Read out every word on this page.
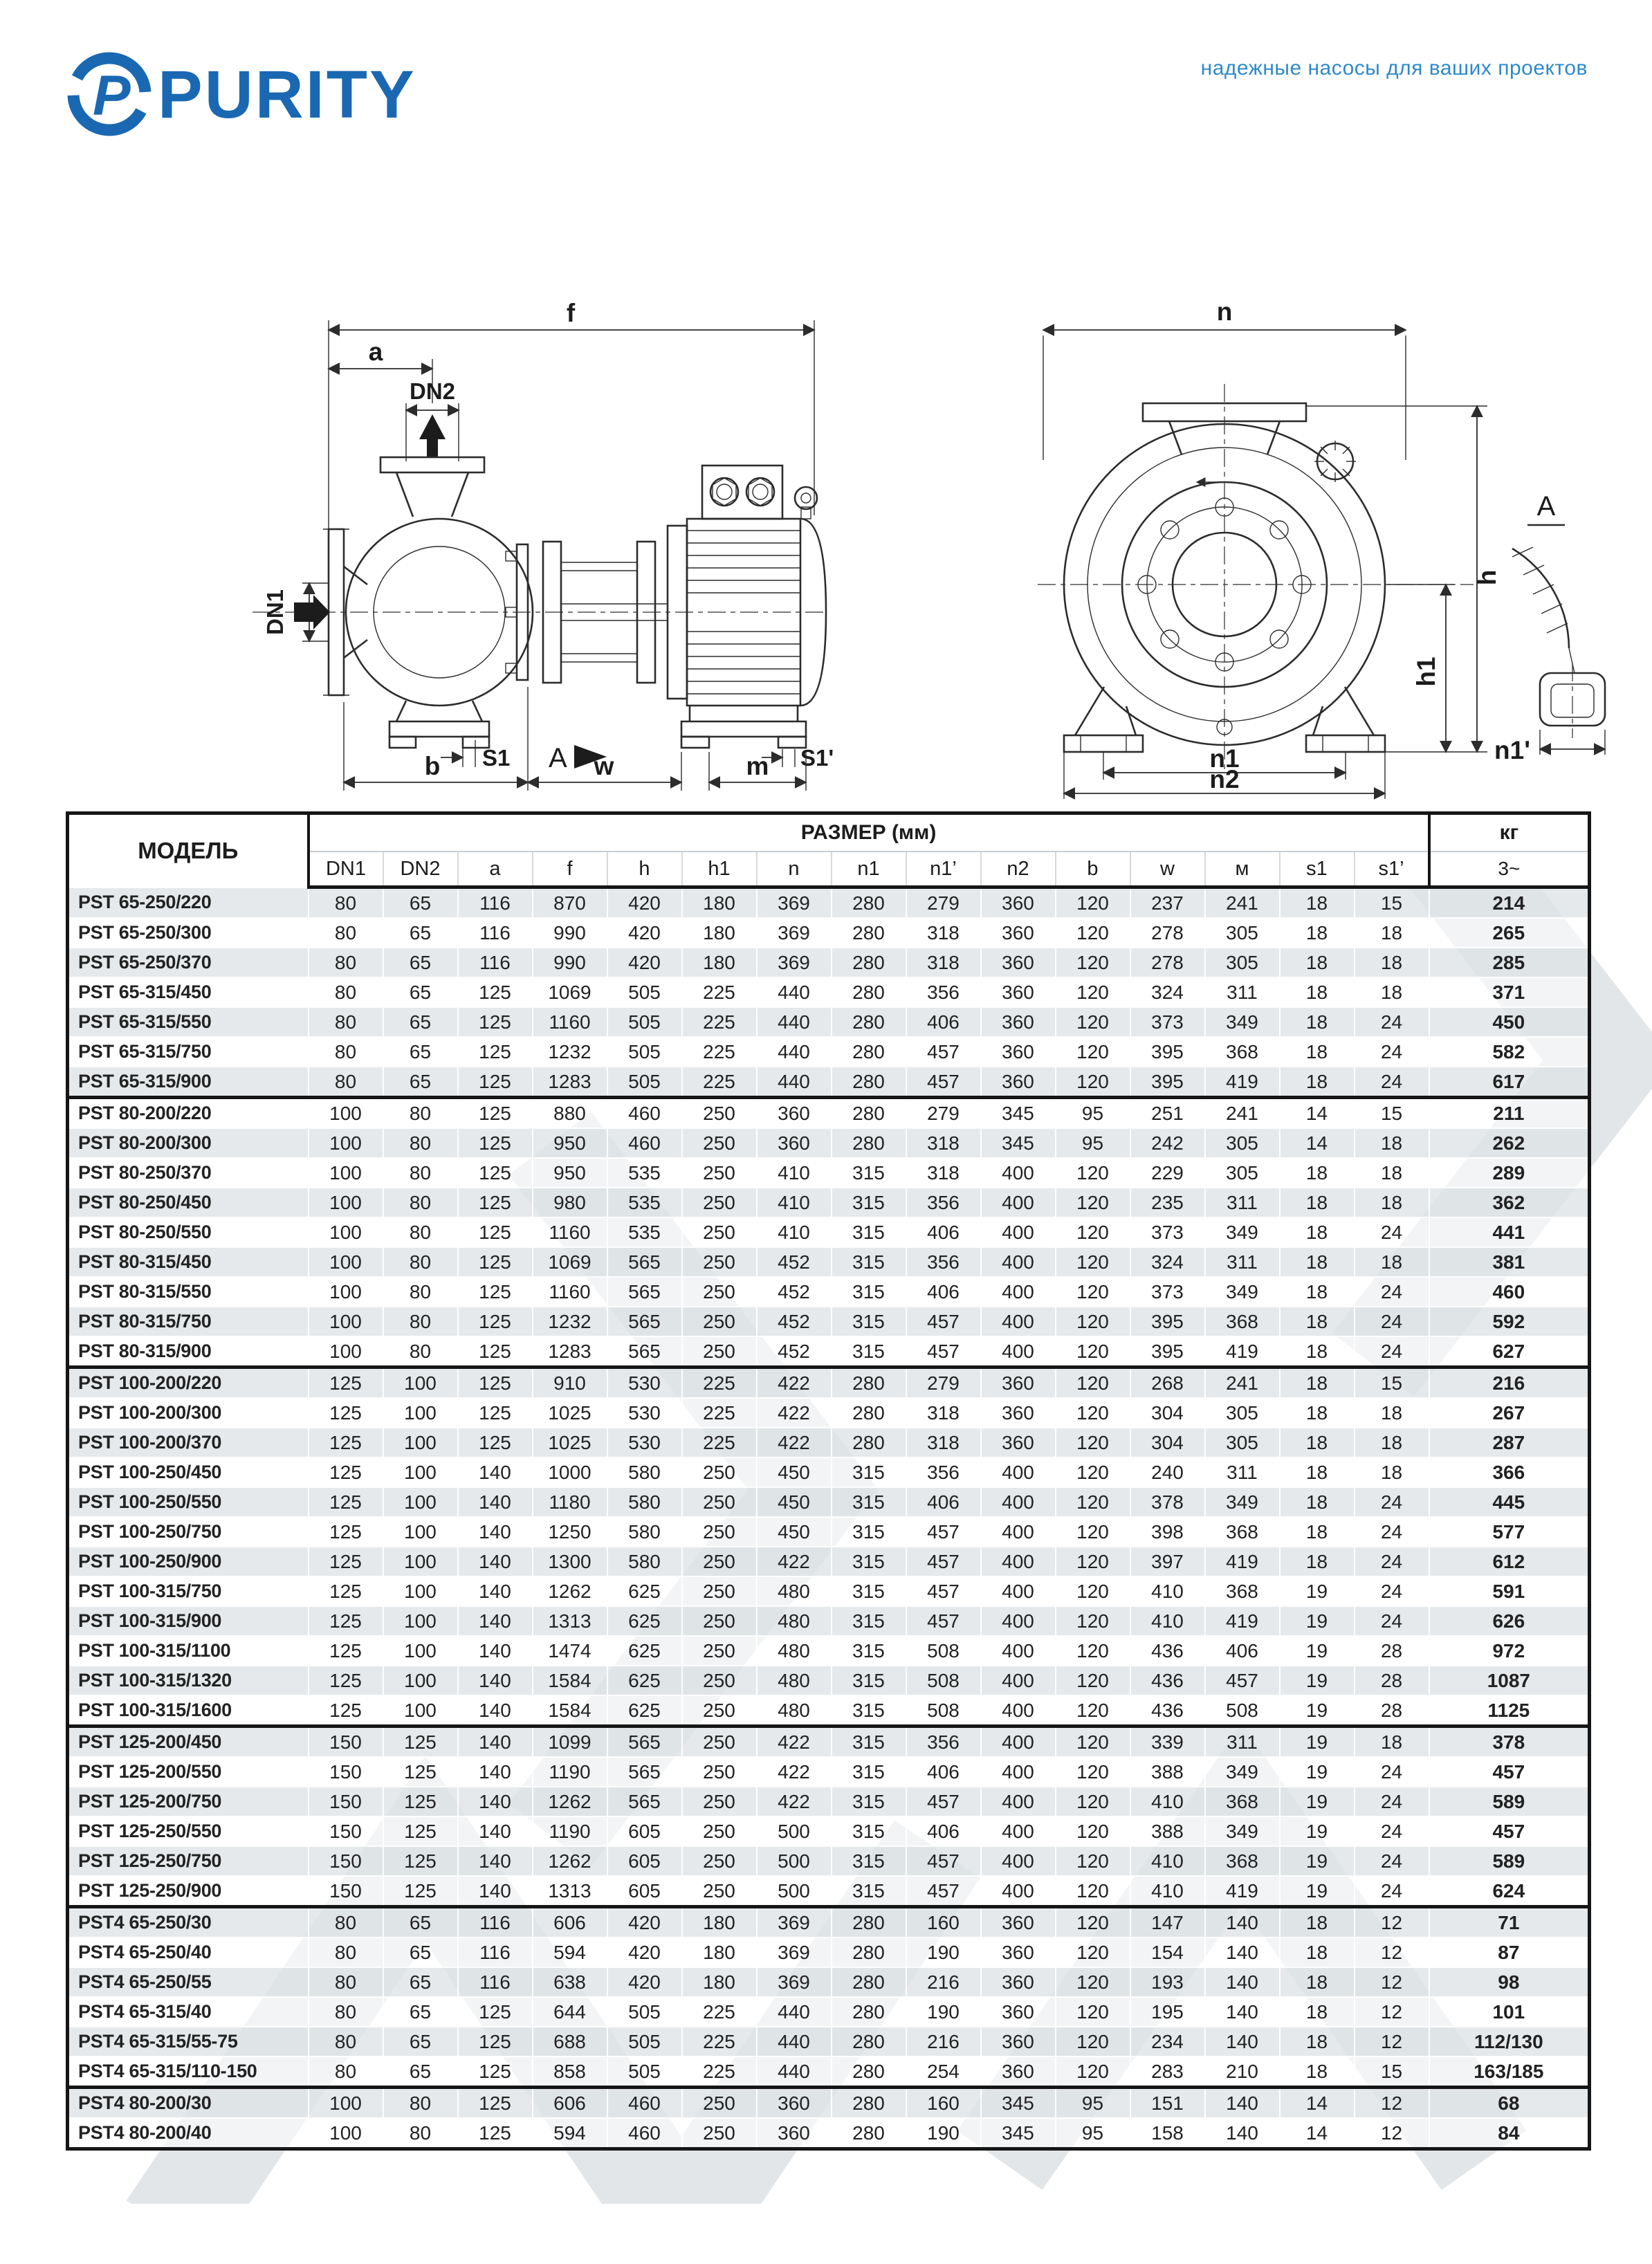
P PURITY	надежные насосы для ваших проектов
f
a
DN2
DN1
S1 A	S1'
b	w	m
n
h
h1
n1
n2
A
n1'
МОДЕЛЬ	РАЗМЕР (мм)															кг
	DN1	DN2	a	f	h	h1	n	n1	n1’	n2	b	w	м	s1	s1’	3~
PST 65-250/220	80	65	116	870	420	180	369	280	279	360	120	237	241	18	15	214
PST 65-250/300	80	65	116	990	420	180	369	280	318	360	120	278	305	18	18	265
PST 65-250/370	80	65	116	990	420	180	369	280	318	360	120	278	305	18	18	285
PST 65-315/450	80	65	125	1069	505	225	440	280	356	360	120	324	311	18	18	371
PST 65-315/550	80	65	125	1160	505	225	440	280	406	360	120	373	349	18	24	450
PST 65-315/750	80	65	125	1232	505	225	440	280	457	360	120	395	368	18	24	582
PST 65-315/900	80	65	125	1283	505	225	440	280	457	360	120	395	419	18	24	617
PST 80-200/220	100	80	125	880	460	250	360	280	279	345	95	251	241	14	15	211
PST 80-200/300	100	80	125	950	460	250	360	280	318	345	95	242	305	14	18	262
PST 80-250/370	100	80	125	950	535	250	410	315	318	400	120	229	305	18	18	289
PST 80-250/450	100	80	125	980	535	250	410	315	356	400	120	235	311	18	18	362
PST 80-250/550	100	80	125	1160	535	250	410	315	406	400	120	373	349	18	24	441
PST 80-315/450	100	80	125	1069	565	250	452	315	356	400	120	324	311	18	18	381
PST 80-315/550	100	80	125	1160	565	250	452	315	406	400	120	373	349	18	24	460
PST 80-315/750	100	80	125	1232	565	250	452	315	457	400	120	395	368	18	24	592
PST 80-315/900	100	80	125	1283	565	250	452	315	457	400	120	395	419	18	24	627
PST 100-200/220	125	100	125	910	530	225	422	280	279	360	120	268	241	18	15	216
PST 100-200/300	125	100	125	1025	530	225	422	280	318	360	120	304	305	18	18	267
PST 100-200/370	125	100	125	1025	530	225	422	280	318	360	120	304	305	18	18	287
PST 100-250/450	125	100	140	1000	580	250	450	315	356	400	120	240	311	18	18	366
PST 100-250/550	125	100	140	1180	580	250	450	315	406	400	120	378	349	18	24	445
PST 100-250/750	125	100	140	1250	580	250	450	315	457	400	120	398	368	18	24	577
PST 100-250/900	125	100	140	1300	580	250	422	315	457	400	120	397	419	18	24	612
PST 100-315/750	125	100	140	1262	625	250	480	315	457	400	120	410	368	19	24	591
PST 100-315/900	125	100	140	1313	625	250	480	315	457	400	120	410	419	19	24	626
PST 100-315/1100	125	100	140	1474	625	250	480	315	508	400	120	436	406	19	28	972
PST 100-315/1320	125	100	140	1584	625	250	480	315	508	400	120	436	457	19	28	1087
PST 100-315/1600	125	100	140	1584	625	250	480	315	508	400	120	436	508	19	28	1125
PST 125-200/450	150	125	140	1099	565	250	422	315	356	400	120	339	311	19	18	378
PST 125-200/550	150	125	140	1190	565	250	422	315	406	400	120	388	349	19	24	457
PST 125-200/750	150	125	140	1262	565	250	422	315	457	400	120	410	368	19	24	589
PST 125-250/550	150	125	140	1190	605	250	500	315	406	400	120	388	349	19	24	457
PST 125-250/750	150	125	140	1262	605	250	500	315	457	400	120	410	368	19	24	589
PST 125-250/900	150	125	140	1313	605	250	500	315	457	400	120	410	419	19	24	624
PST4 65-250/30	80	65	116	606	420	180	369	280	160	360	120	147	140	18	12	71
PST4 65-250/40	80	65	116	594	420	180	369	280	190	360	120	154	140	18	12	87
PST4 65-250/55	80	65	116	638	420	180	369	280	216	360	120	193	140	18	12	98
PST4 65-315/40	80	65	125	644	505	225	440	280	190	360	120	195	140	18	12	101
PST4 65-315/55-75	80	65	125	688	505	225	440	280	216	360	120	234	140	18	12	112/130
PST4 65-315/110-150	80	65	125	858	505	225	440	280	254	360	120	283	210	18	15	163/185
PST4 80-200/30	100	80	125	606	460	250	360	280	160	345	95	151	140	14	12	68
PST4 80-200/40	100	80	125	594	460	250	360	280	190	345	95	158	140	14	12	84
